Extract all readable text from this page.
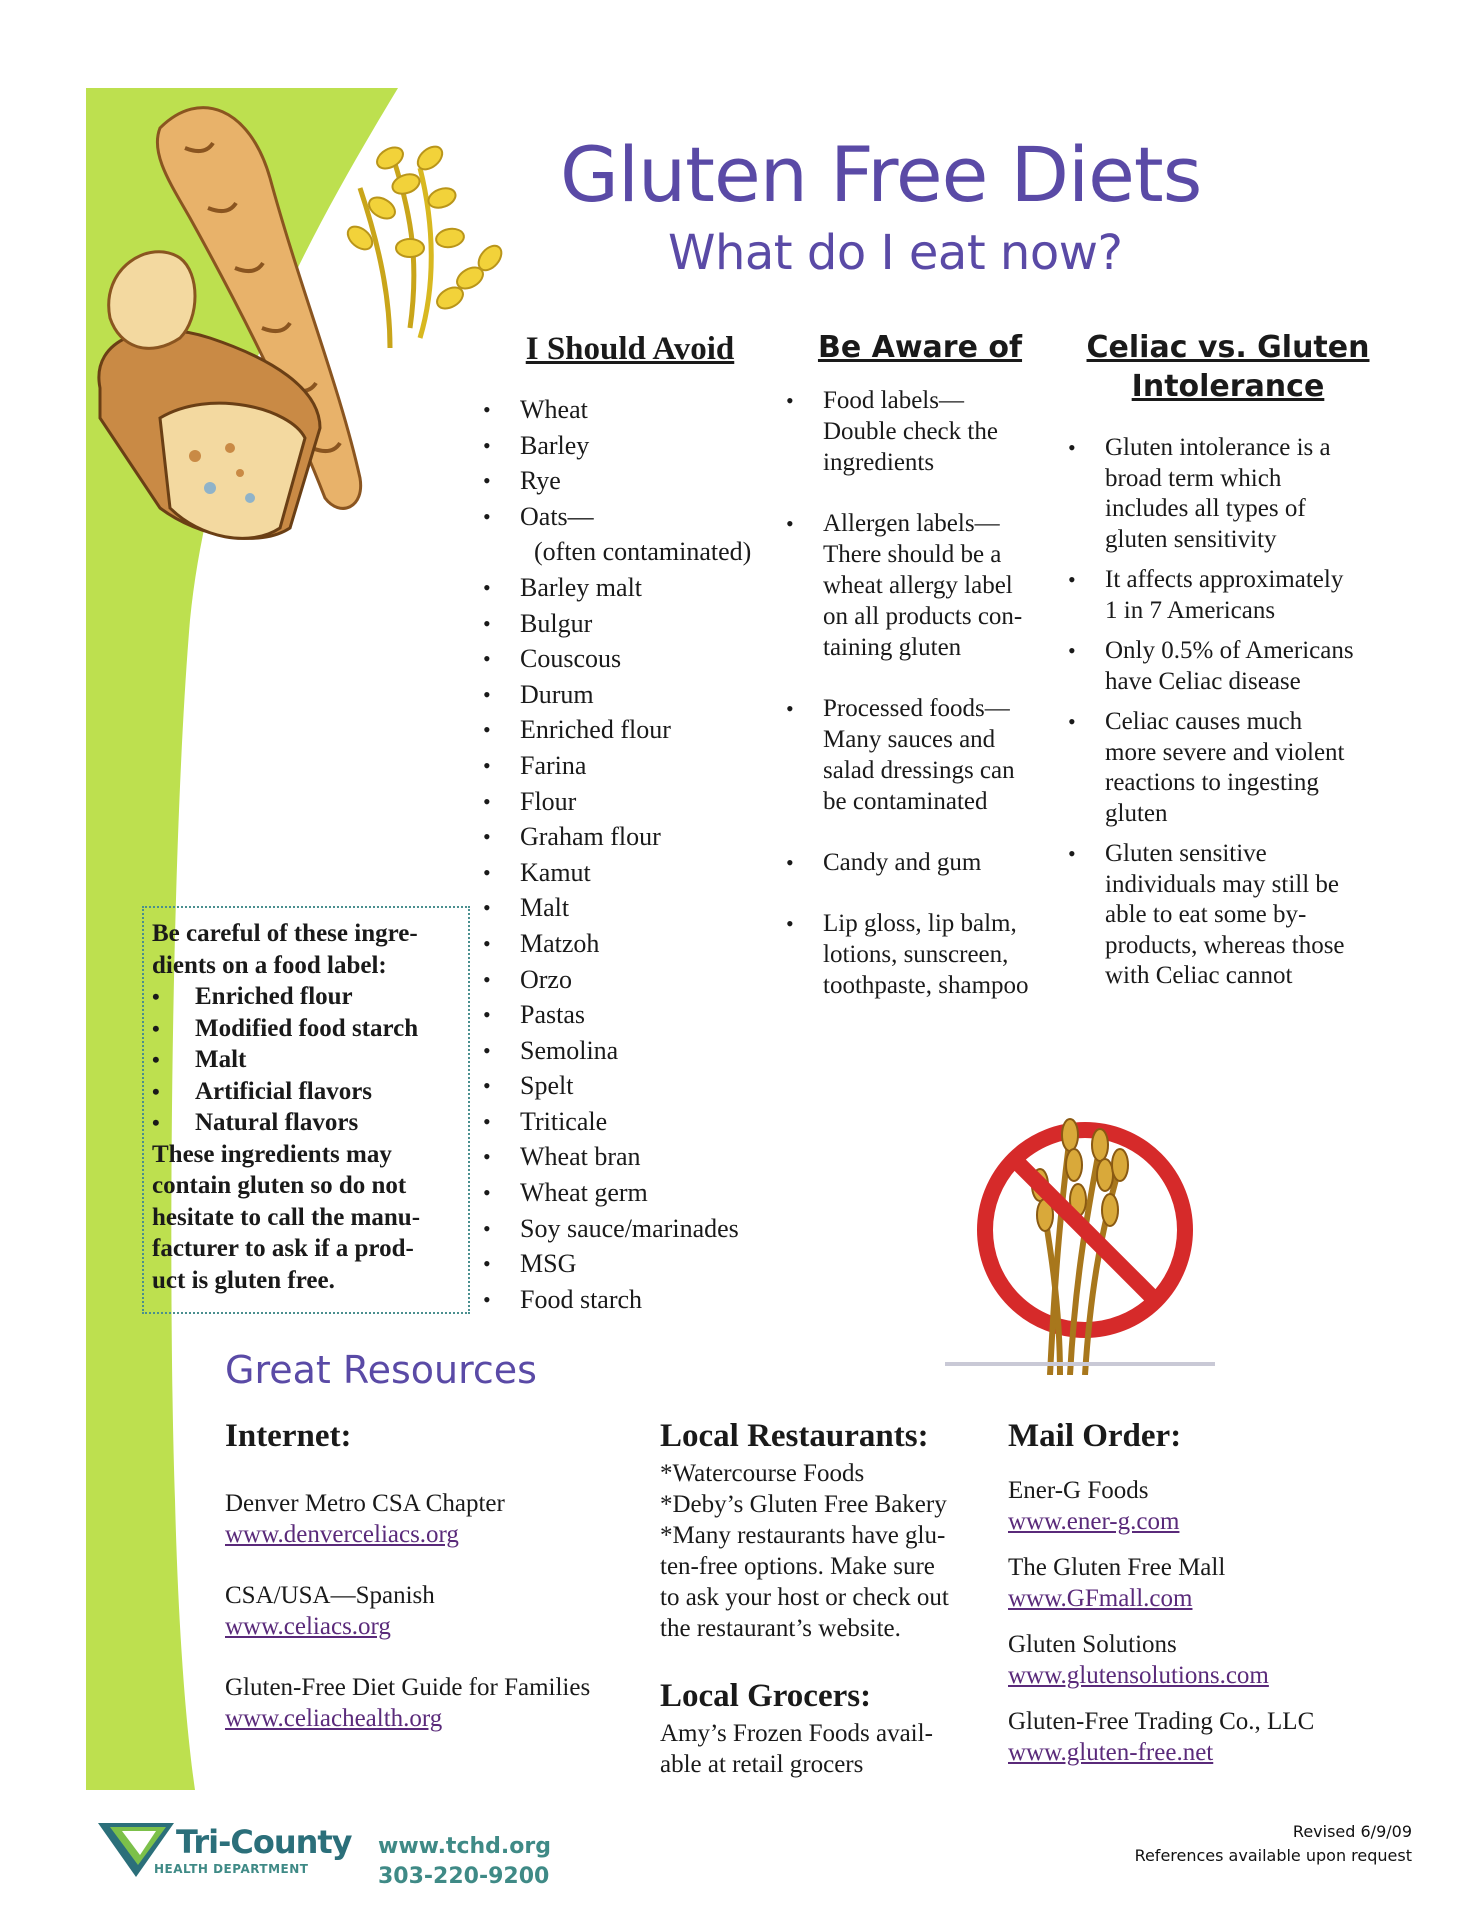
Gluten Free Diets
What do I eat now?
I Should Avoid
• Wheat
• Barley
• Rye
• Oats—
(often contaminated)
• Barley malt
• Bulgur
• Couscous
• Durum
• Enriched flour
• Farina
• Flour
• Graham flour
• Kamut
• Malt
• Matzoh
• Orzo
• Pastas
• Semolina
• Spelt
• Triticale
• Wheat bran
• Wheat germ
• Soy sauce/marinades
• MSG
• Food starch
Be Aware of
• Food labels—
Double check the
ingredients
• Allergen labels—
There should be a
wheat allergy label
on all products con-
taining gluten
• Processed foods—
Many sauces and
salad dressings can
be contaminated
• Candy and gum
• Lip gloss, lip balm,
lotions, sunscreen,
toothpaste, shampoo
Celiac vs. Gluten
Intolerance
• Gluten intolerance is a
broad term which
includes all types of
gluten sensitivity
• It affects approximately
1 in 7 Americans
• Only 0.5% of Americans
have Celiac disease
• Celiac causes much
more severe and violent
reactions to ingesting
gluten
• Gluten sensitive
individuals may still be
able to eat some by-
products, whereas those
with Celiac cannot
Be careful of these ingre-
dients on a food label:
• Enriched flour
• Modified food starch
• Malt
• Artificial flavors
• Natural flavors
These ingredients may
contain gluten so do not
hesitate to call the manu-
facturer to ask if a prod-
uct is gluten free.
Great Resources
Internet:
Denver Metro CSA Chapter
www.denverceliacs.org
CSA/USA—Spanish
www.celiacs.org
Gluten-Free Diet Guide for Families
www.celiachealth.org
Local Restaurants:
*Watercourse Foods
*Deby’s Gluten Free Bakery
*Many restaurants have glu-
ten-free options. Make sure
to ask your host or check out
the restaurant’s website.
Local Grocers:
Amy’s Frozen Foods avail-
able at retail grocers
Mail Order:
Ener-G Foods
www.ener-g.com
The Gluten Free Mall
www.GFmall.com
Gluten Solutions
www.glutensolutions.com
Gluten-Free Trading Co., LLC
www.gluten-free.net
Tri-County
HEALTH DEPARTMENT
www.tchd.org
303-220-9200
Revised 6/9/09
References available upon request
